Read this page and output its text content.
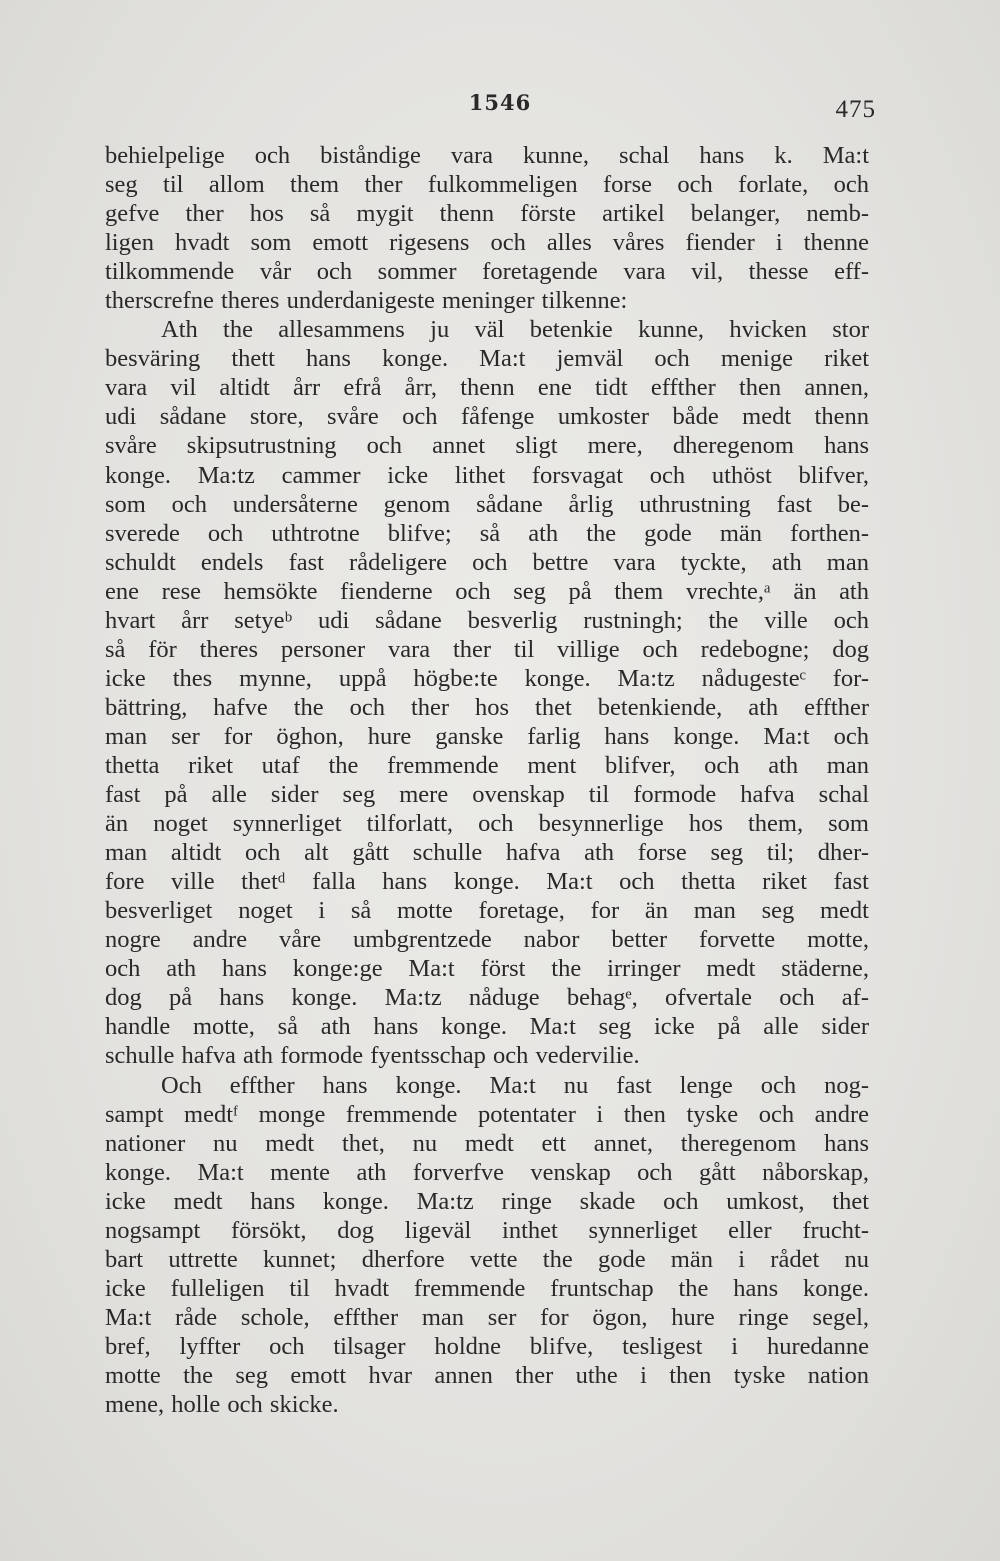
1546	475
behielpelige och biståndige vara kunne, schal hans k. Ma:t
seg til allom them ther fulkommeligen forse och forlate, och
gefve ther hos så mygit thenn förste artikel belanger, nemb-
ligen hvadt som emott rigesens och alles våres fiender i thenne
tilkommende vår och sommer foretagende vara vil, thesse eff-
therscrefne theres underdanigeste meninger tilkenne:
Ath the allesammens ju väl betenkie kunne, hvicken stor
besväring thett hans konge. Ma:t jemväl och menige riket
vara vil altidt årr efrå årr, thenn ene tidt effther then annen,
udi sådane store, svåre och fåfenge umkoster både medt thenn
svåre skipsutrustning och annet sligt mere, dheregenom hans
konge. Ma:tz cammer icke lithet forsvagat och uthöst blifver,
som och undersåterne genom sådane årlig uthrustning fast be-
sverede och uthtrotne blifve; så ath the gode män forthen-
schuldt endels fast rådeligere och bettre vara tyckte, ath man
ene rese hemsökte fienderne och seg på them vrechte,ᵃ än ath
hvart årr setyeᵇ udi sådane besverlig rustningh; the ville och
så för theres personer vara ther til villige och redebogne; dog
icke thes mynne, uppå högbe:te konge. Ma:tz nådugesteᶜ for-
bättring, hafve the och ther hos thet betenkiende, ath effther
man ser for öghon, hure ganske farlig hans konge. Ma:t och
thetta riket utaf the fremmende ment blifver, och ath man
fast på alle sider seg mere ovenskap til formode hafva schal
än noget synnerliget tilforlatt, och besynnerlige hos them, som
man altidt och alt gått schulle hafva ath forse seg til; dher-
fore ville thetᵈ falla hans konge. Ma:t och thetta riket fast
besverliget noget i så motte foretage, for än man seg medt
nogre andre våre umbgrentzede nabor better forvette motte,
och ath hans konge:ge Ma:t först the irringer medt städerne,
dog på hans konge. Ma:tz nåduge behagᵉ, ofvertale och af-
handle motte, så ath hans konge. Ma:t seg icke på alle sider
schulle hafva ath formode fyentsschap och vedervilie.
Och effther hans konge. Ma:t nu fast lenge och nog-
sampt medtᶠ monge fremmende potentater i then tyske och andre
nationer nu medt thet, nu medt ett annet, theregenom hans
konge. Ma:t mente ath forverfve venskap och gått nåborskap,
icke medt hans konge. Ma:tz ringe skade och umkost, thet
nogsampt försökt, dog ligeväl inthet synnerliget eller frucht-
bart uttrette kunnet; dherfore vette the gode män i rådet nu
icke fulleligen til hvadt fremmende fruntschap the hans konge.
Ma:t råde schole, effther man ser for ögon, hure ringe segel,
bref, lyffter och tilsager holdne blifve, tesligest i huredanne
motte the seg emott hvar annen ther uthe i then tyske nation
mene, holle och skicke.
